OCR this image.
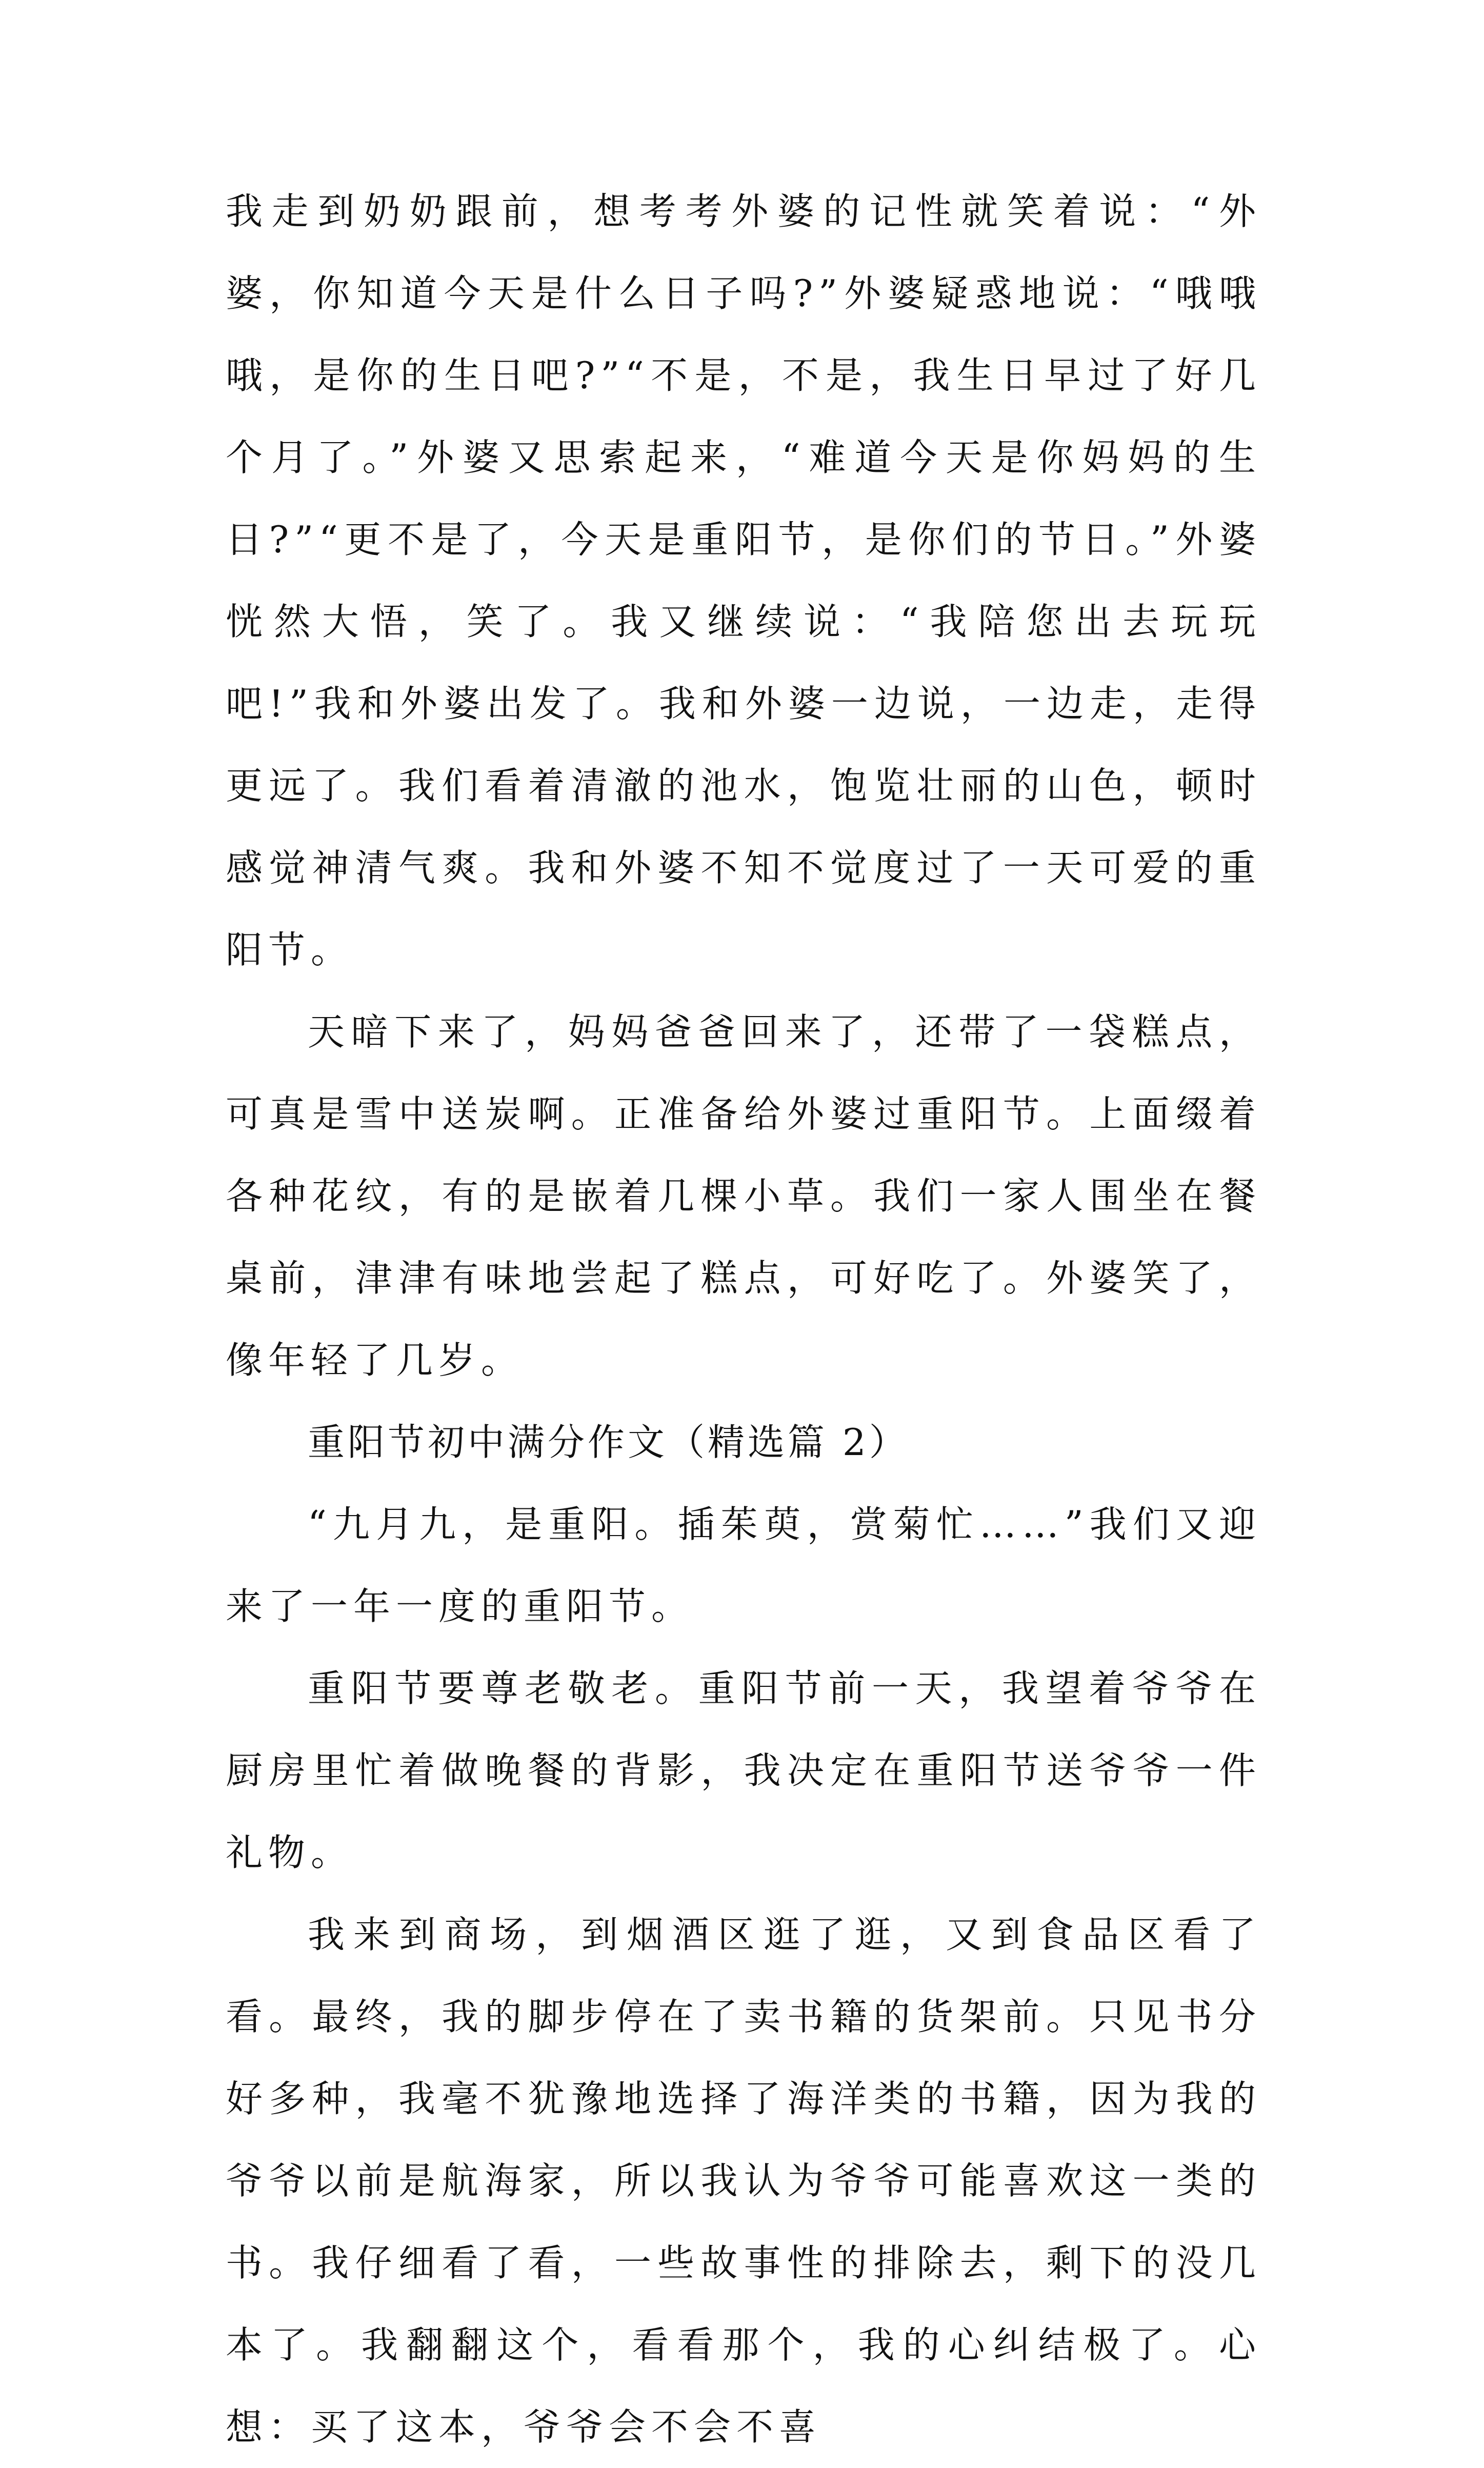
我走到奶奶跟前，想考考外婆的记性就笑着说：“外婆，你知道今天是什么日子吗?”外婆疑惑地说：“哦哦哦，是你的生日吧?”“不是，不是，我生日早过了好几个月了。”外婆又思索起来，“难道今天是你妈妈的生日?”“更不是了，今天是重阳节，是你们的节日。”外婆恍然大悟，笑了。我又继续说：“我陪您出去玩玩吧!”我和外婆出发了。我和外婆一边说，一边走，走得更远了。我们看着清澈的池水，饱览壮丽的山色，顿时感觉神清气爽。我和外婆不知不觉度过了一天可爱的重阳节。

天暗下来了，妈妈爸爸回来了，还带了一袋糕点，可真是雪中送炭啊。正准备给外婆过重阳节。上面缀着各种花纹，有的是嵌着几棵小草。我们一家人围坐在餐桌前，津津有味地尝起了糕点，可好吃了。外婆笑了，像年轻了几岁。

重阳节初中满分作文（精选篇 2）

“九月九，是重阳。插茱萸，赏菊忙……”我们又迎来了一年一度的重阳节。

重阳节要尊老敬老。重阳节前一天，我望着爷爷在厨房里忙着做晚餐的背影，我决定在重阳节送爷爷一件礼物。

我来到商场，到烟酒区逛了逛，又到食品区看了看。最终，我的脚步停在了卖书籍的货架前。只见书分好多种，我毫不犹豫地选择了海洋类的书籍，因为我的爷爷以前是航海家，所以我认为爷爷可能喜欢这一类的书。我仔细看了看，一些故事性的排除去，剩下的没几本了。我翻翻这个，看看那个，我的心纠结极了。心想：买了这本，爷爷会不会不喜
